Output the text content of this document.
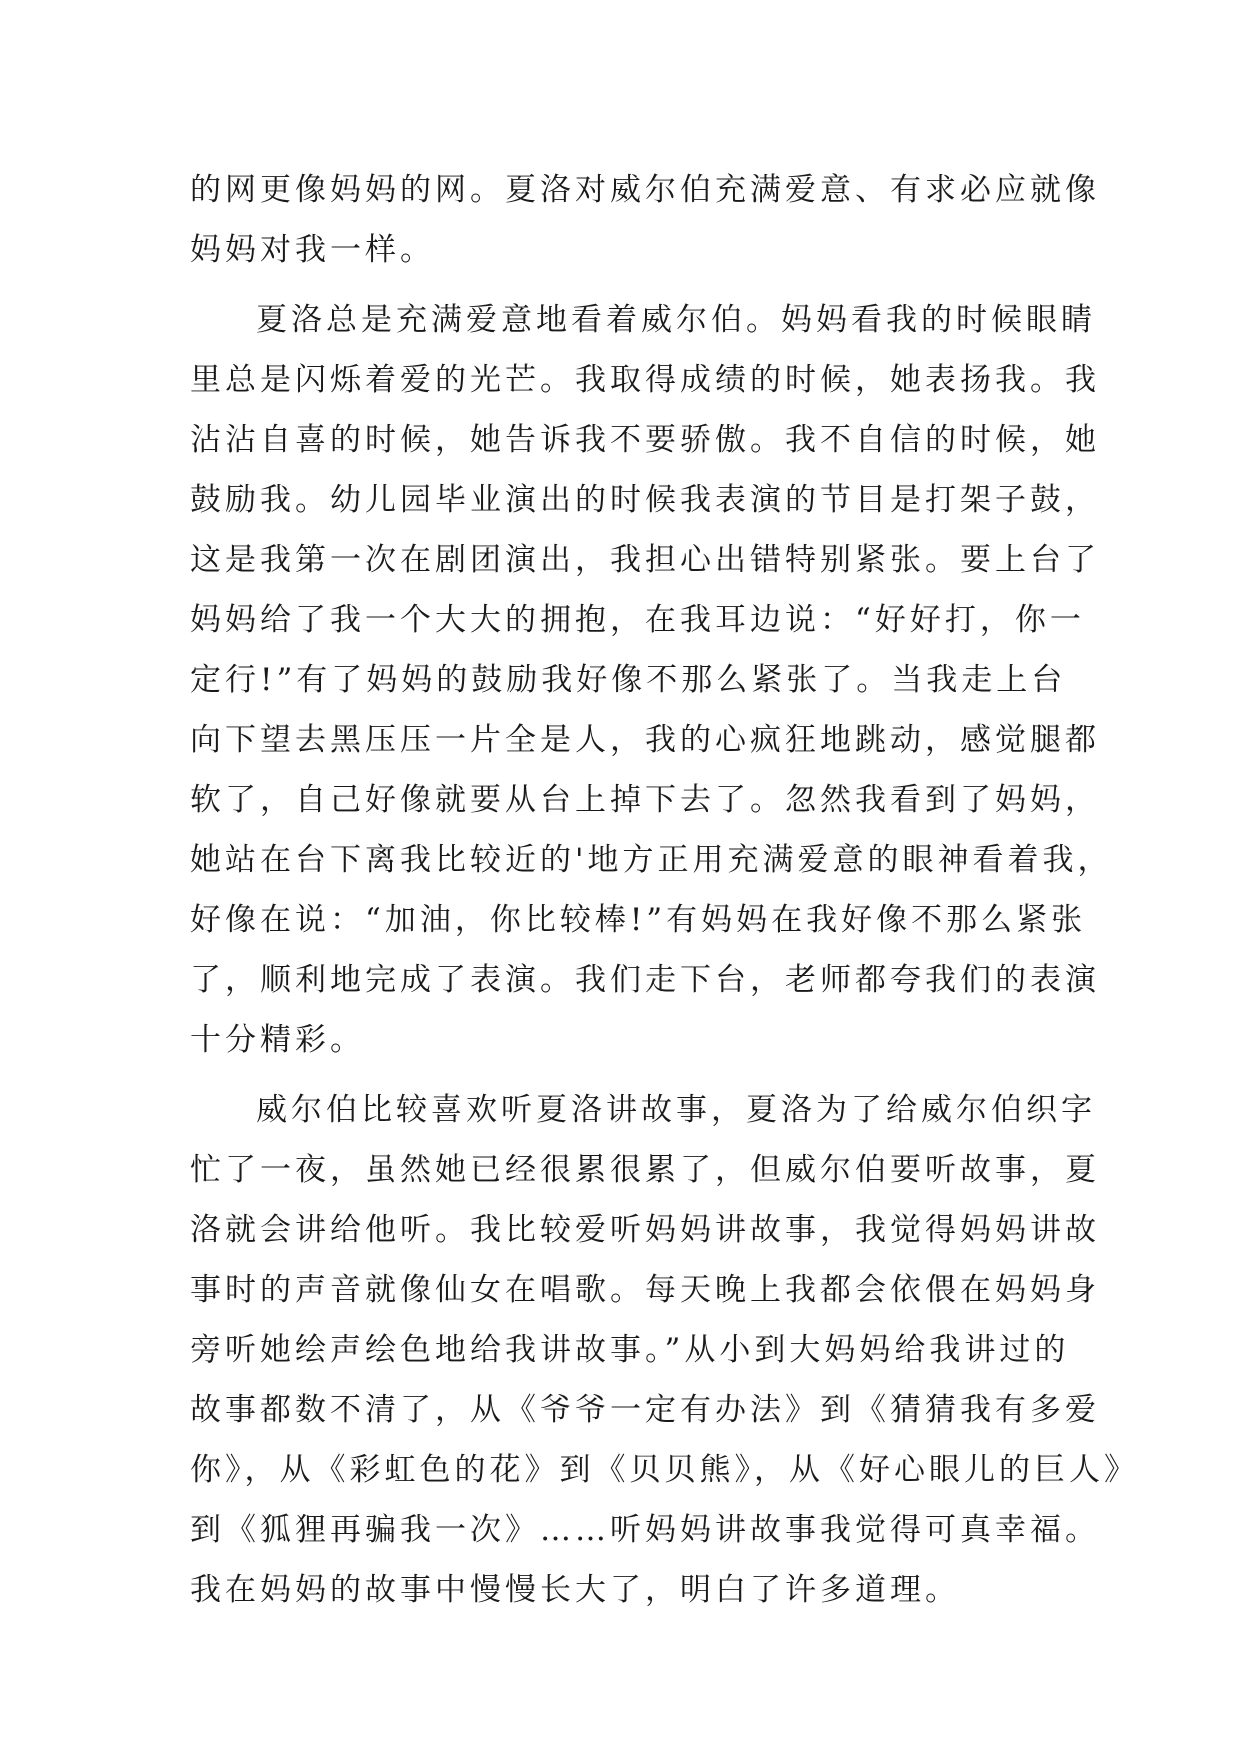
的网更像妈妈的网。夏洛对威尔伯充满爱意、有求必应就像
妈妈对我一样。
夏洛总是充满爱意地看着威尔伯。妈妈看我的时候眼睛
里总是闪烁着爱的光芒。我取得成绩的时候，她表扬我。我
沾沾自喜的时候，她告诉我不要骄傲。我不自信的时候，她
鼓励我。幼儿园毕业演出的时候我表演的节目是打架子鼓，
这是我第一次在剧团演出，我担心出错特别紧张。要上台了
妈妈给了我一个大大的拥抱，在我耳边说：“好好打，你一
定行!”有了妈妈的鼓励我好像不那么紧张了。当我走上台
向下望去黑压压一片全是人，我的心疯狂地跳动，感觉腿都
软了，自己好像就要从台上掉下去了。忽然我看到了妈妈，
她站在台下离我比较近的'地方正用充满爱意的眼神看着我，
好像在说：“加油，你比较棒!”有妈妈在我好像不那么紧张
了，顺利地完成了表演。我们走下台，老师都夸我们的表演
十分精彩。
威尔伯比较喜欢听夏洛讲故事，夏洛为了给威尔伯织字
忙了一夜，虽然她已经很累很累了，但威尔伯要听故事，夏
洛就会讲给他听。我比较爱听妈妈讲故事，我觉得妈妈讲故
事时的声音就像仙女在唱歌。每天晚上我都会依偎在妈妈身
旁听她绘声绘色地给我讲故事。”从小到大妈妈给我讲过的
故事都数不清了，从《爷爷一定有办法》到《猜猜我有多爱
你》，从《彩虹色的花》到《贝贝熊》，从《好心眼儿的巨人》
到《狐狸再骗我一次》……听妈妈讲故事我觉得可真幸福。
我在妈妈的故事中慢慢长大了，明白了许多道理。
